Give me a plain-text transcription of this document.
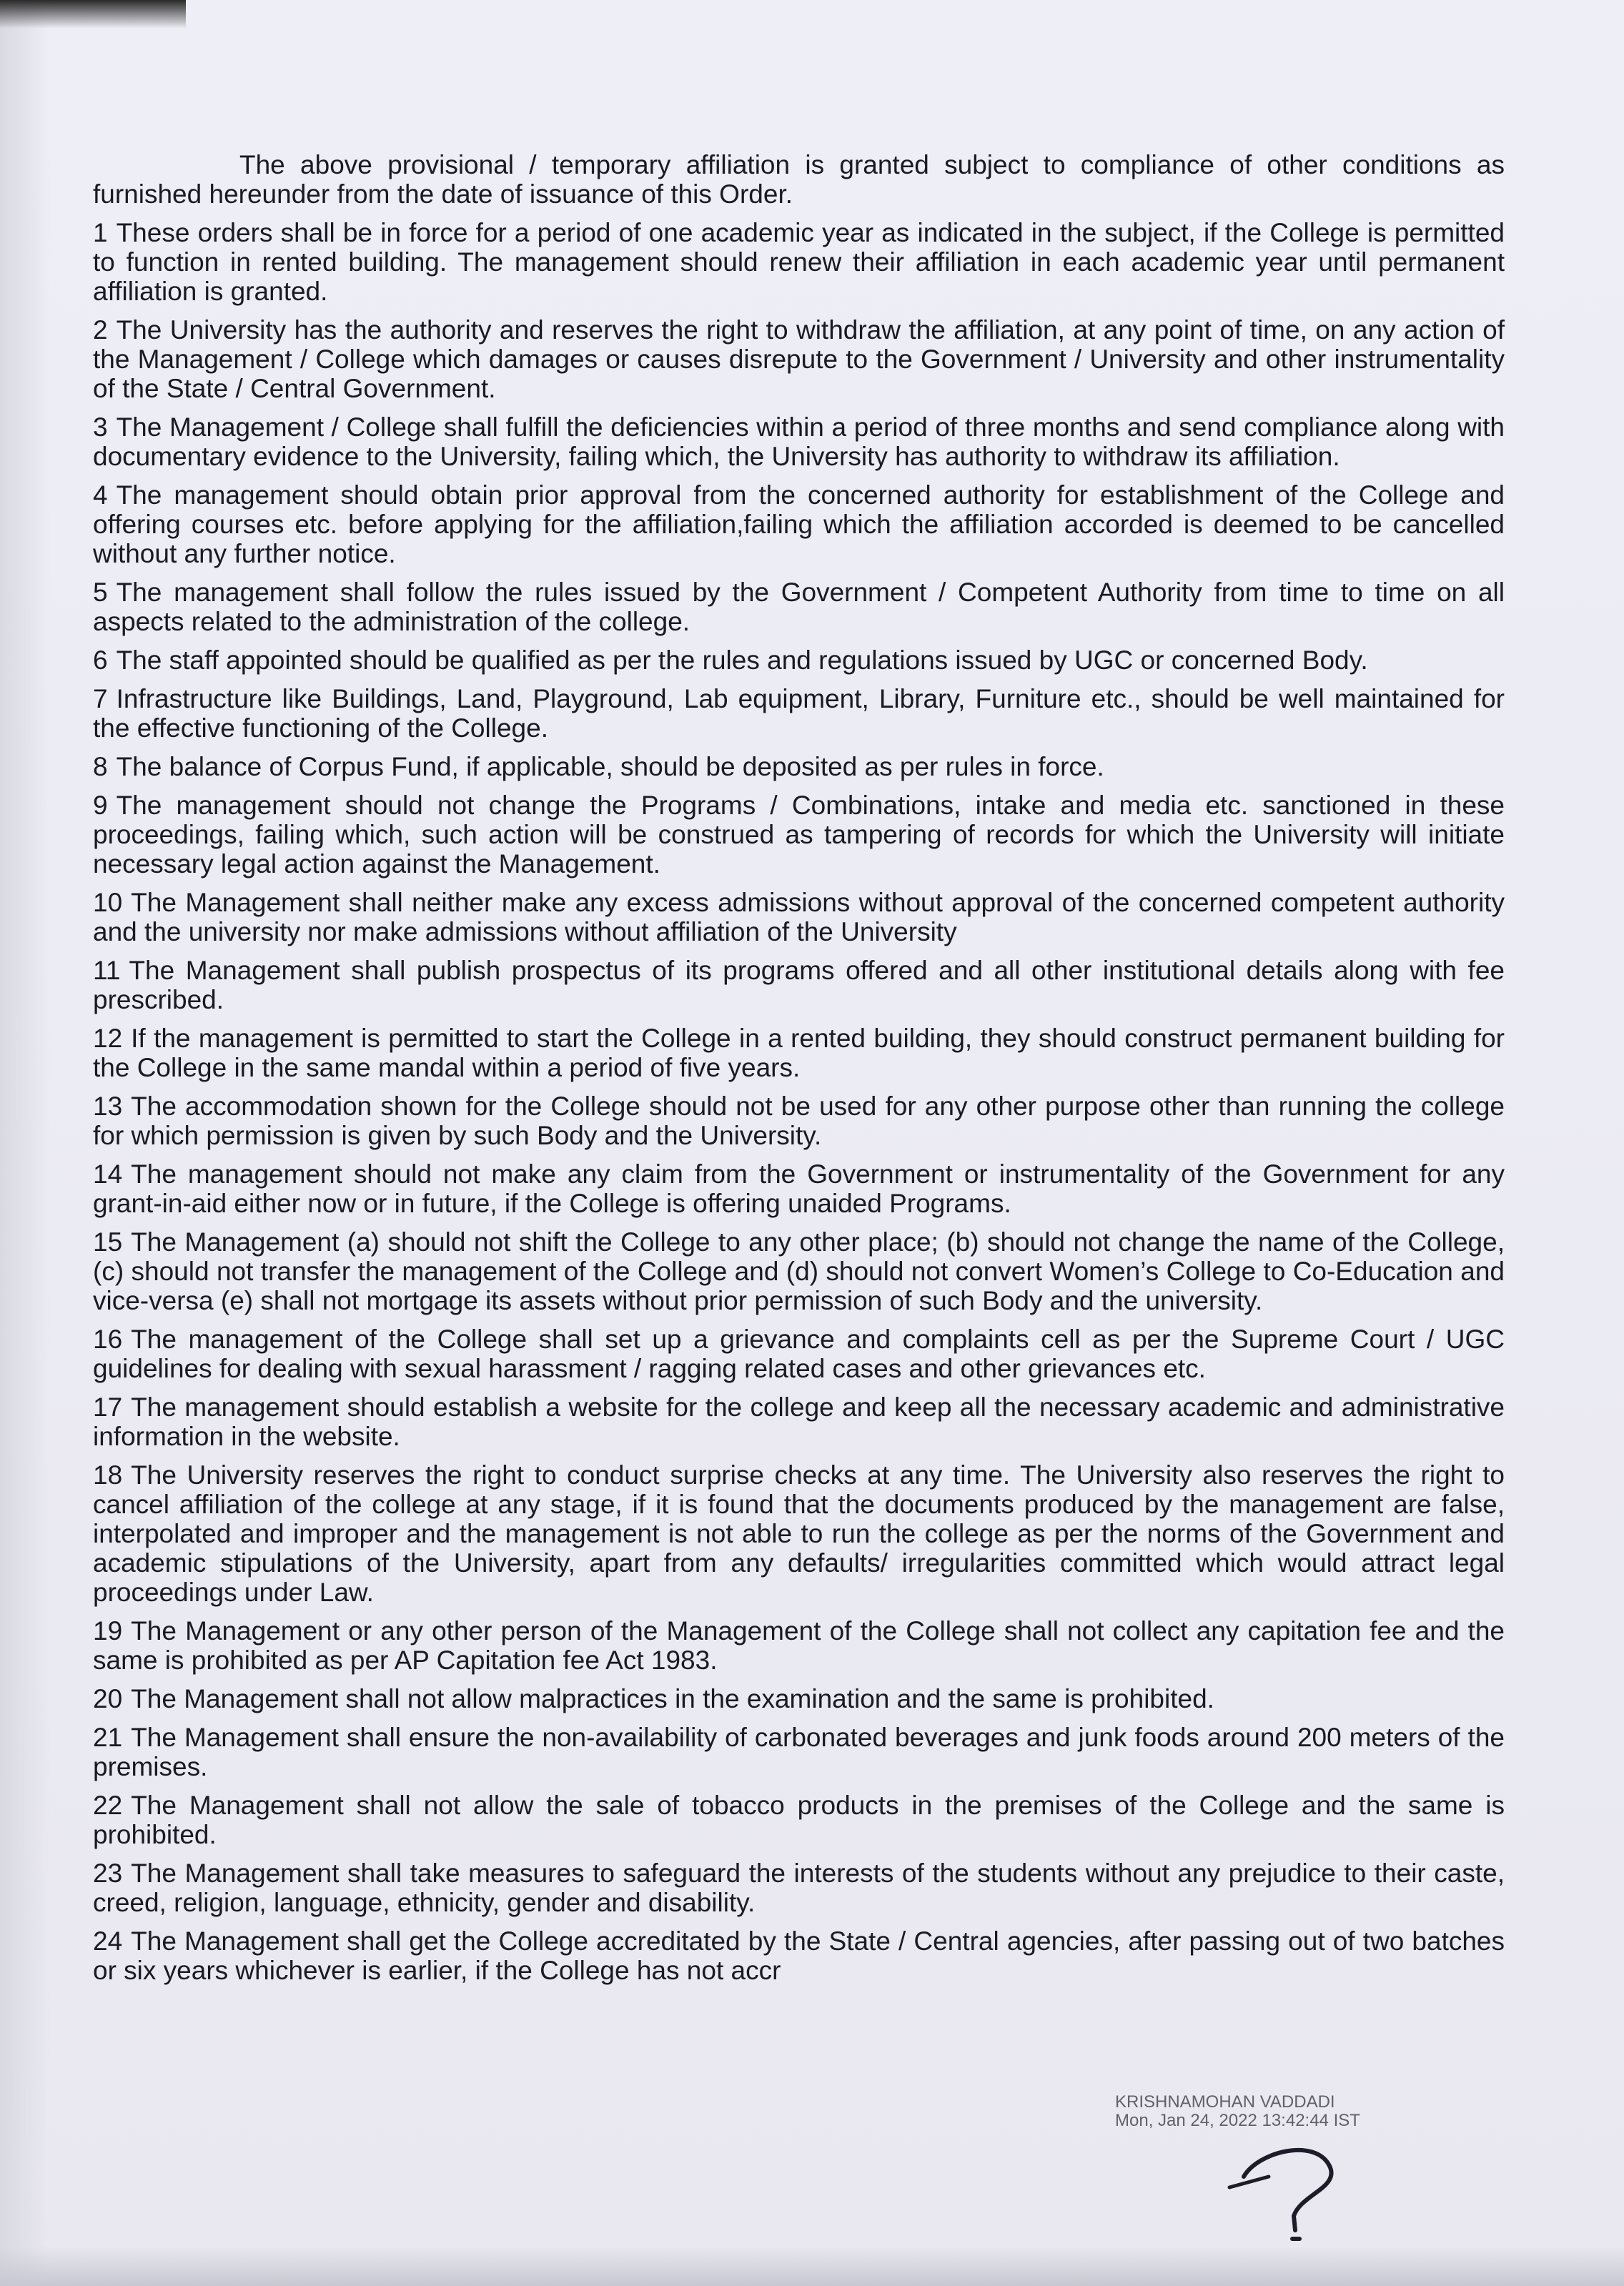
The above provisional / temporary affiliation is granted subject to compliance of other conditions as furnished hereunder from the date of issuance of this Order.

1 These orders shall be in force for a period of one academic year as indicated in the subject, if the College is permitted to function in rented building. The management should renew their affiliation in each academic year until permanent affiliation is granted.

2 The University has the authority and reserves the right to withdraw the affiliation, at any point of time, on any action of the Management / College which damages or causes disrepute to the Government / University and other instrumentality of the State / Central Government.

3 The Management / College shall fulfill the deficiencies within a period of three months and send compliance along with documentary evidence to the University, failing which, the University has authority to withdraw its affiliation.

4 The management should obtain prior approval from the concerned authority for establishment of the College and offering courses etc. before applying for the affiliation,failing which the affiliation accorded is deemed to be cancelled without any further notice.

5 The management shall follow the rules issued by the Government / Competent Authority from time to time on all aspects related to the administration of the college.

6 The staff appointed should be qualified as per the rules and regulations issued by UGC or concerned Body.

7 Infrastructure like Buildings, Land, Playground, Lab equipment, Library, Furniture etc., should be well maintained for the effective functioning of the College.

8 The balance of Corpus Fund, if applicable, should be deposited as per rules in force.

9 The management should not change the Programs / Combinations, intake and media etc. sanctioned in these proceedings, failing which, such action will be construed as tampering of records for which the University will initiate necessary legal action against the Management.

10 The Management shall neither make any excess admissions without approval of the concerned competent authority and the university nor make admissions without affiliation of the University

11 The Management shall publish prospectus of its programs offered and all other institutional details along with fee prescribed.

12 If the management is permitted to start the College in a rented building, they should construct permanent building for the College in the same mandal within a period of five years.

13 The accommodation shown for the College should not be used for any other purpose other than running the college for which permission is given by such Body and the University.

14 The management should not make any claim from the Government or instrumentality of the Government for any grant-in-aid either now or in future, if the College is offering unaided Programs.

15 The Management (a) should not shift the College to any other place; (b) should not change the name of the College, (c) should not transfer the management of the College and (d) should not convert Women’s College to Co-Education and vice-versa (e) shall not mortgage its assets without prior permission of such Body and the university.

16 The management of the College shall set up a grievance and complaints cell as per the Supreme Court / UGC guidelines for dealing with sexual harassment / ragging related cases and other grievances etc.

17 The management should establish a website for the college and keep all the necessary academic and administrative information in the website.

18 The University reserves the right to conduct surprise checks at any time. The University also reserves the right to cancel affiliation of the college at any stage, if it is found that the documents produced by the management are false, interpolated and improper and the management is not able to run the college as per the norms of the Government and academic stipulations of the University, apart from any defaults/ irregularities committed which would attract legal proceedings under Law.

19 The Management or any other person of the Management of the College shall not collect any capitation fee and the same is prohibited as per AP Capitation fee Act 1983.

20 The Management shall not allow malpractices in the examination and the same is prohibited.

21 The Management shall ensure the non-availability of carbonated beverages and junk foods around 200 meters of the premises.

22 The Management shall not allow the sale of tobacco products in the premises of the College and the same is prohibited.

23 The Management shall take measures to safeguard the interests of the students without any prejudice to their caste, creed, religion, language, ethnicity, gender and disability.

24 The Management shall get the College accreditated by the State / Central agencies, after passing out of two batches or six years whichever is earlier, if the College has not accr

KRISHNAMOHAN VADDADI
Mon, Jan 24, 2022 13:42:44 IST
